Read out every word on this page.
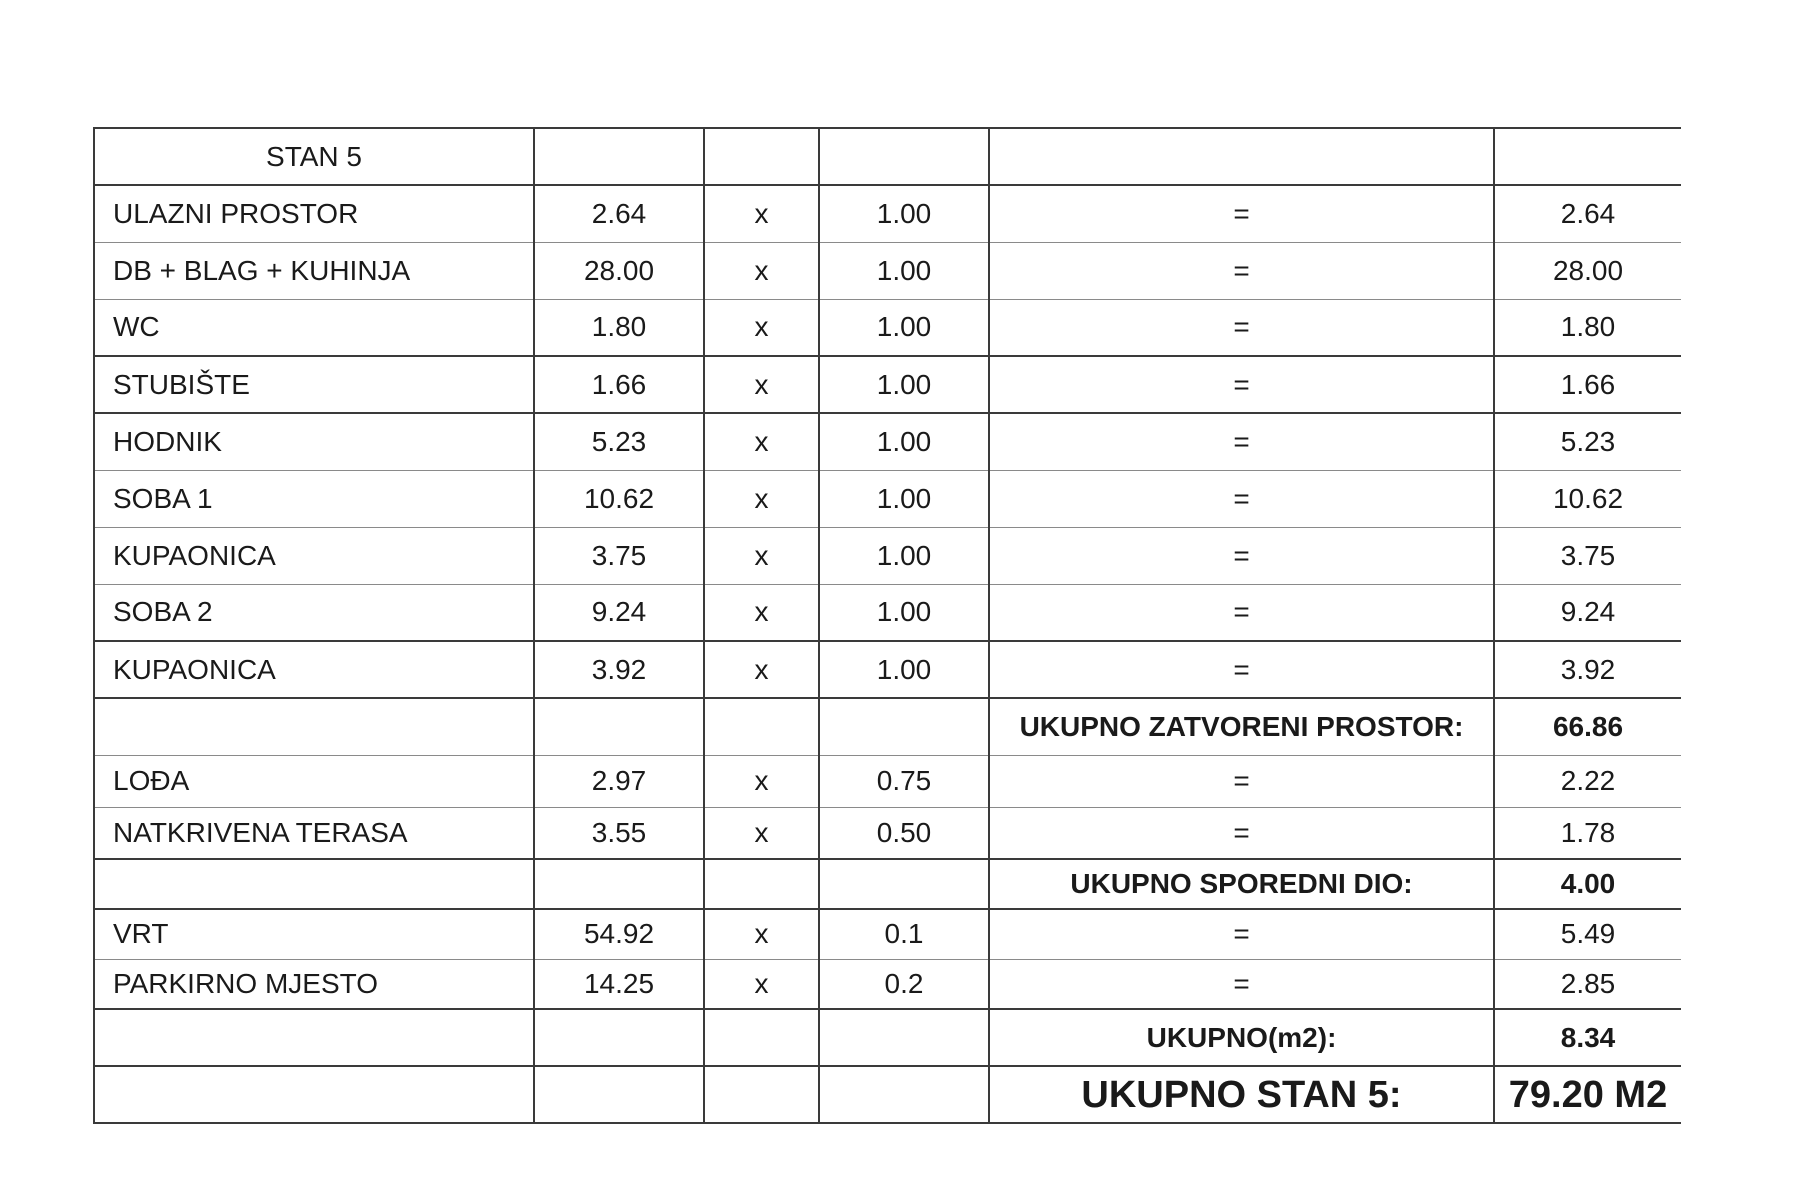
STAN 5					
ULAZNI PROSTOR	2.64	x	1.00	=	2.64
DB + BLAG + KUHINJA	28.00	x	1.00	=	28.00
WC	1.80	x	1.00	=	1.80
STUBIŠTE	1.66	x	1.00	=	1.66
HODNIK	5.23	x	1.00	=	5.23
SOBA 1	10.62	x	1.00	=	10.62
KUPAONICA	3.75	x	1.00	=	3.75
SOBA 2	9.24	x	1.00	=	9.24
KUPAONICA	3.92	x	1.00	=	3.92
				UKUPNO ZATVORENI PROSTOR:	66.86
LOĐA	2.97	x	0.75	=	2.22
NATKRIVENA TERASA	3.55	x	0.50	=	1.78
				UKUPNO SPOREDNI DIO:	4.00
VRT	54.92	x	0.1	=	5.49
PARKIRNO MJESTO	14.25	x	0.2	=	2.85
				UKUPNO(m2):	8.34
				UKUPNO STAN 5:	79.20 M2
